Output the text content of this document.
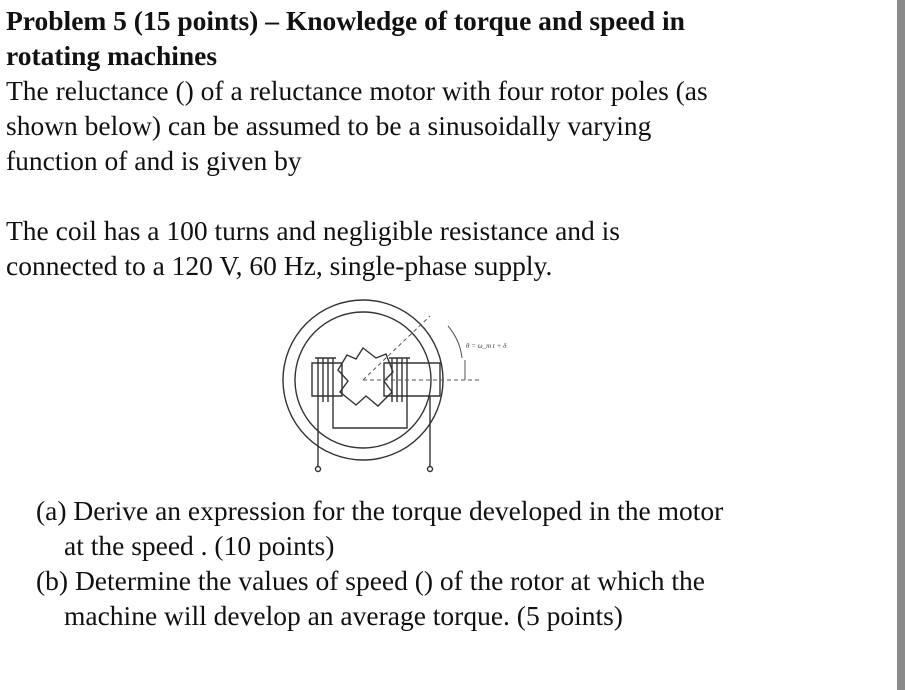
Problem 5 (15 points) – Knowledge of torque and speed in
rotating machines
The reluctance () of a reluctance motor with four rotor poles (as
shown below) can be assumed to be a sinusoidally varying
function of and is given by
The coil has a 100 turns and negligible resistance and is
connected to a 120 V, 60 Hz, single-phase supply.
θ = ω_m t + δ
(a) Derive an expression for the torque developed in the motor
at the speed . (10 points)
(b) Determine the values of speed () of the rotor at which the
machine will develop an average torque. (5 points)
